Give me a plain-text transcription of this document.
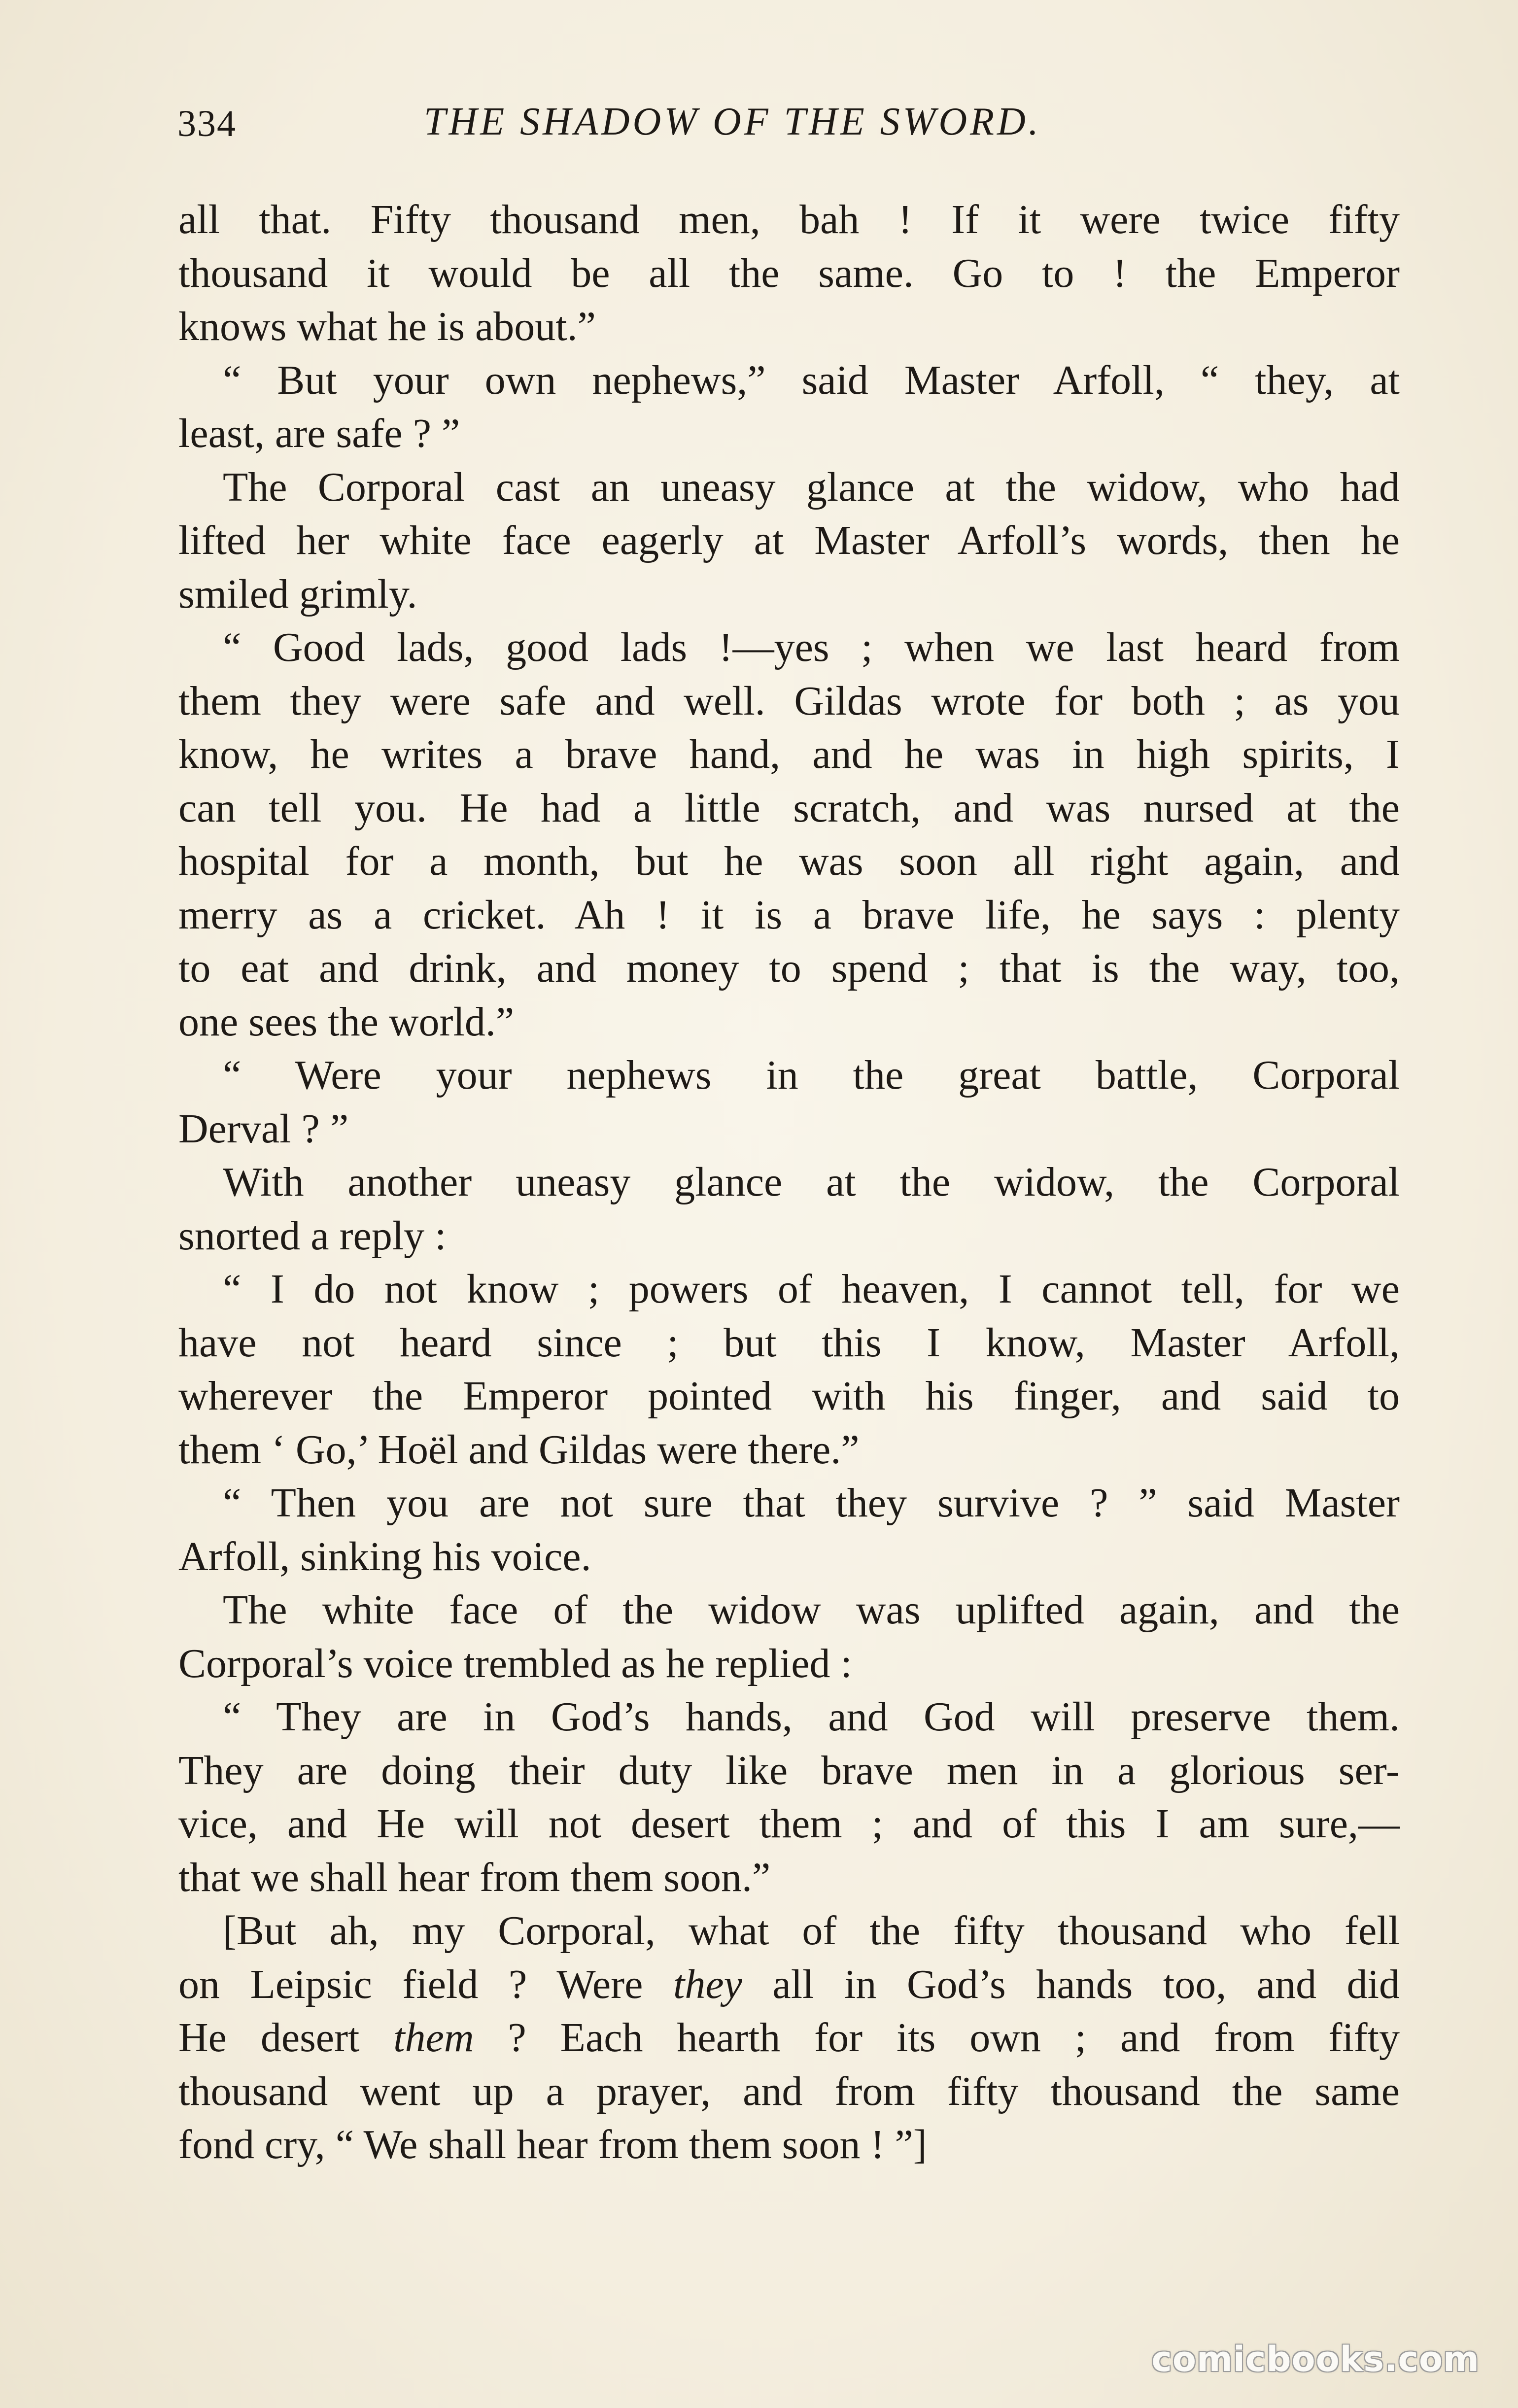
334	THE SHADOW OF THE SWORD.
all that. Fifty thousand men, bah ! If it were twice fifty
thousand it would be all the same. Go to ! the Emperor
knows what he is about.”
“ But your own nephews,” said Master Arfoll, “ they, at
least, are safe ? ”
The Corporal cast an uneasy glance at the widow, who had
lifted her white face eagerly at Master Arfoll’s words, then he
smiled grimly.
“ Good lads, good lads !—yes ; when we last heard from
them they were safe and well. Gildas wrote for both ; as you
know, he writes a brave hand, and he was in high spirits, I
can tell you. He had a little scratch, and was nursed at the
hospital for a month, but he was soon all right again, and
merry as a cricket. Ah ! it is a brave life, he says : plenty
to eat and drink, and money to spend ; that is the way, too,
one sees the world.”
“ Were your nephews in the great battle, Corporal
Derval ? ”
With another uneasy glance at the widow, the Corporal
snorted a reply :
“ I do not know ; powers of heaven, I cannot tell, for we
have not heard since ; but this I know, Master Arfoll,
wherever the Emperor pointed with his finger, and said to
them ‘ Go,’ Hoël and Gildas were there.”
“ Then you are not sure that they survive ? ” said Master
Arfoll, sinking his voice.
The white face of the widow was uplifted again, and the
Corporal’s voice trembled as he replied :
“ They are in God’s hands, and God will preserve them.
They are doing their duty like brave men in a glorious ser-
vice, and He will not desert them ; and of this I am sure,—
that we shall hear from them soon.”
[But ah, my Corporal, what of the fifty thousand who fell
on Leipsic field ? Were they all in God’s hands too, and did
He desert them ? Each hearth for its own ; and from fifty
thousand went up a prayer, and from fifty thousand the same
fond cry, “ We shall hear from them soon ! ”]
comicbooks.com
